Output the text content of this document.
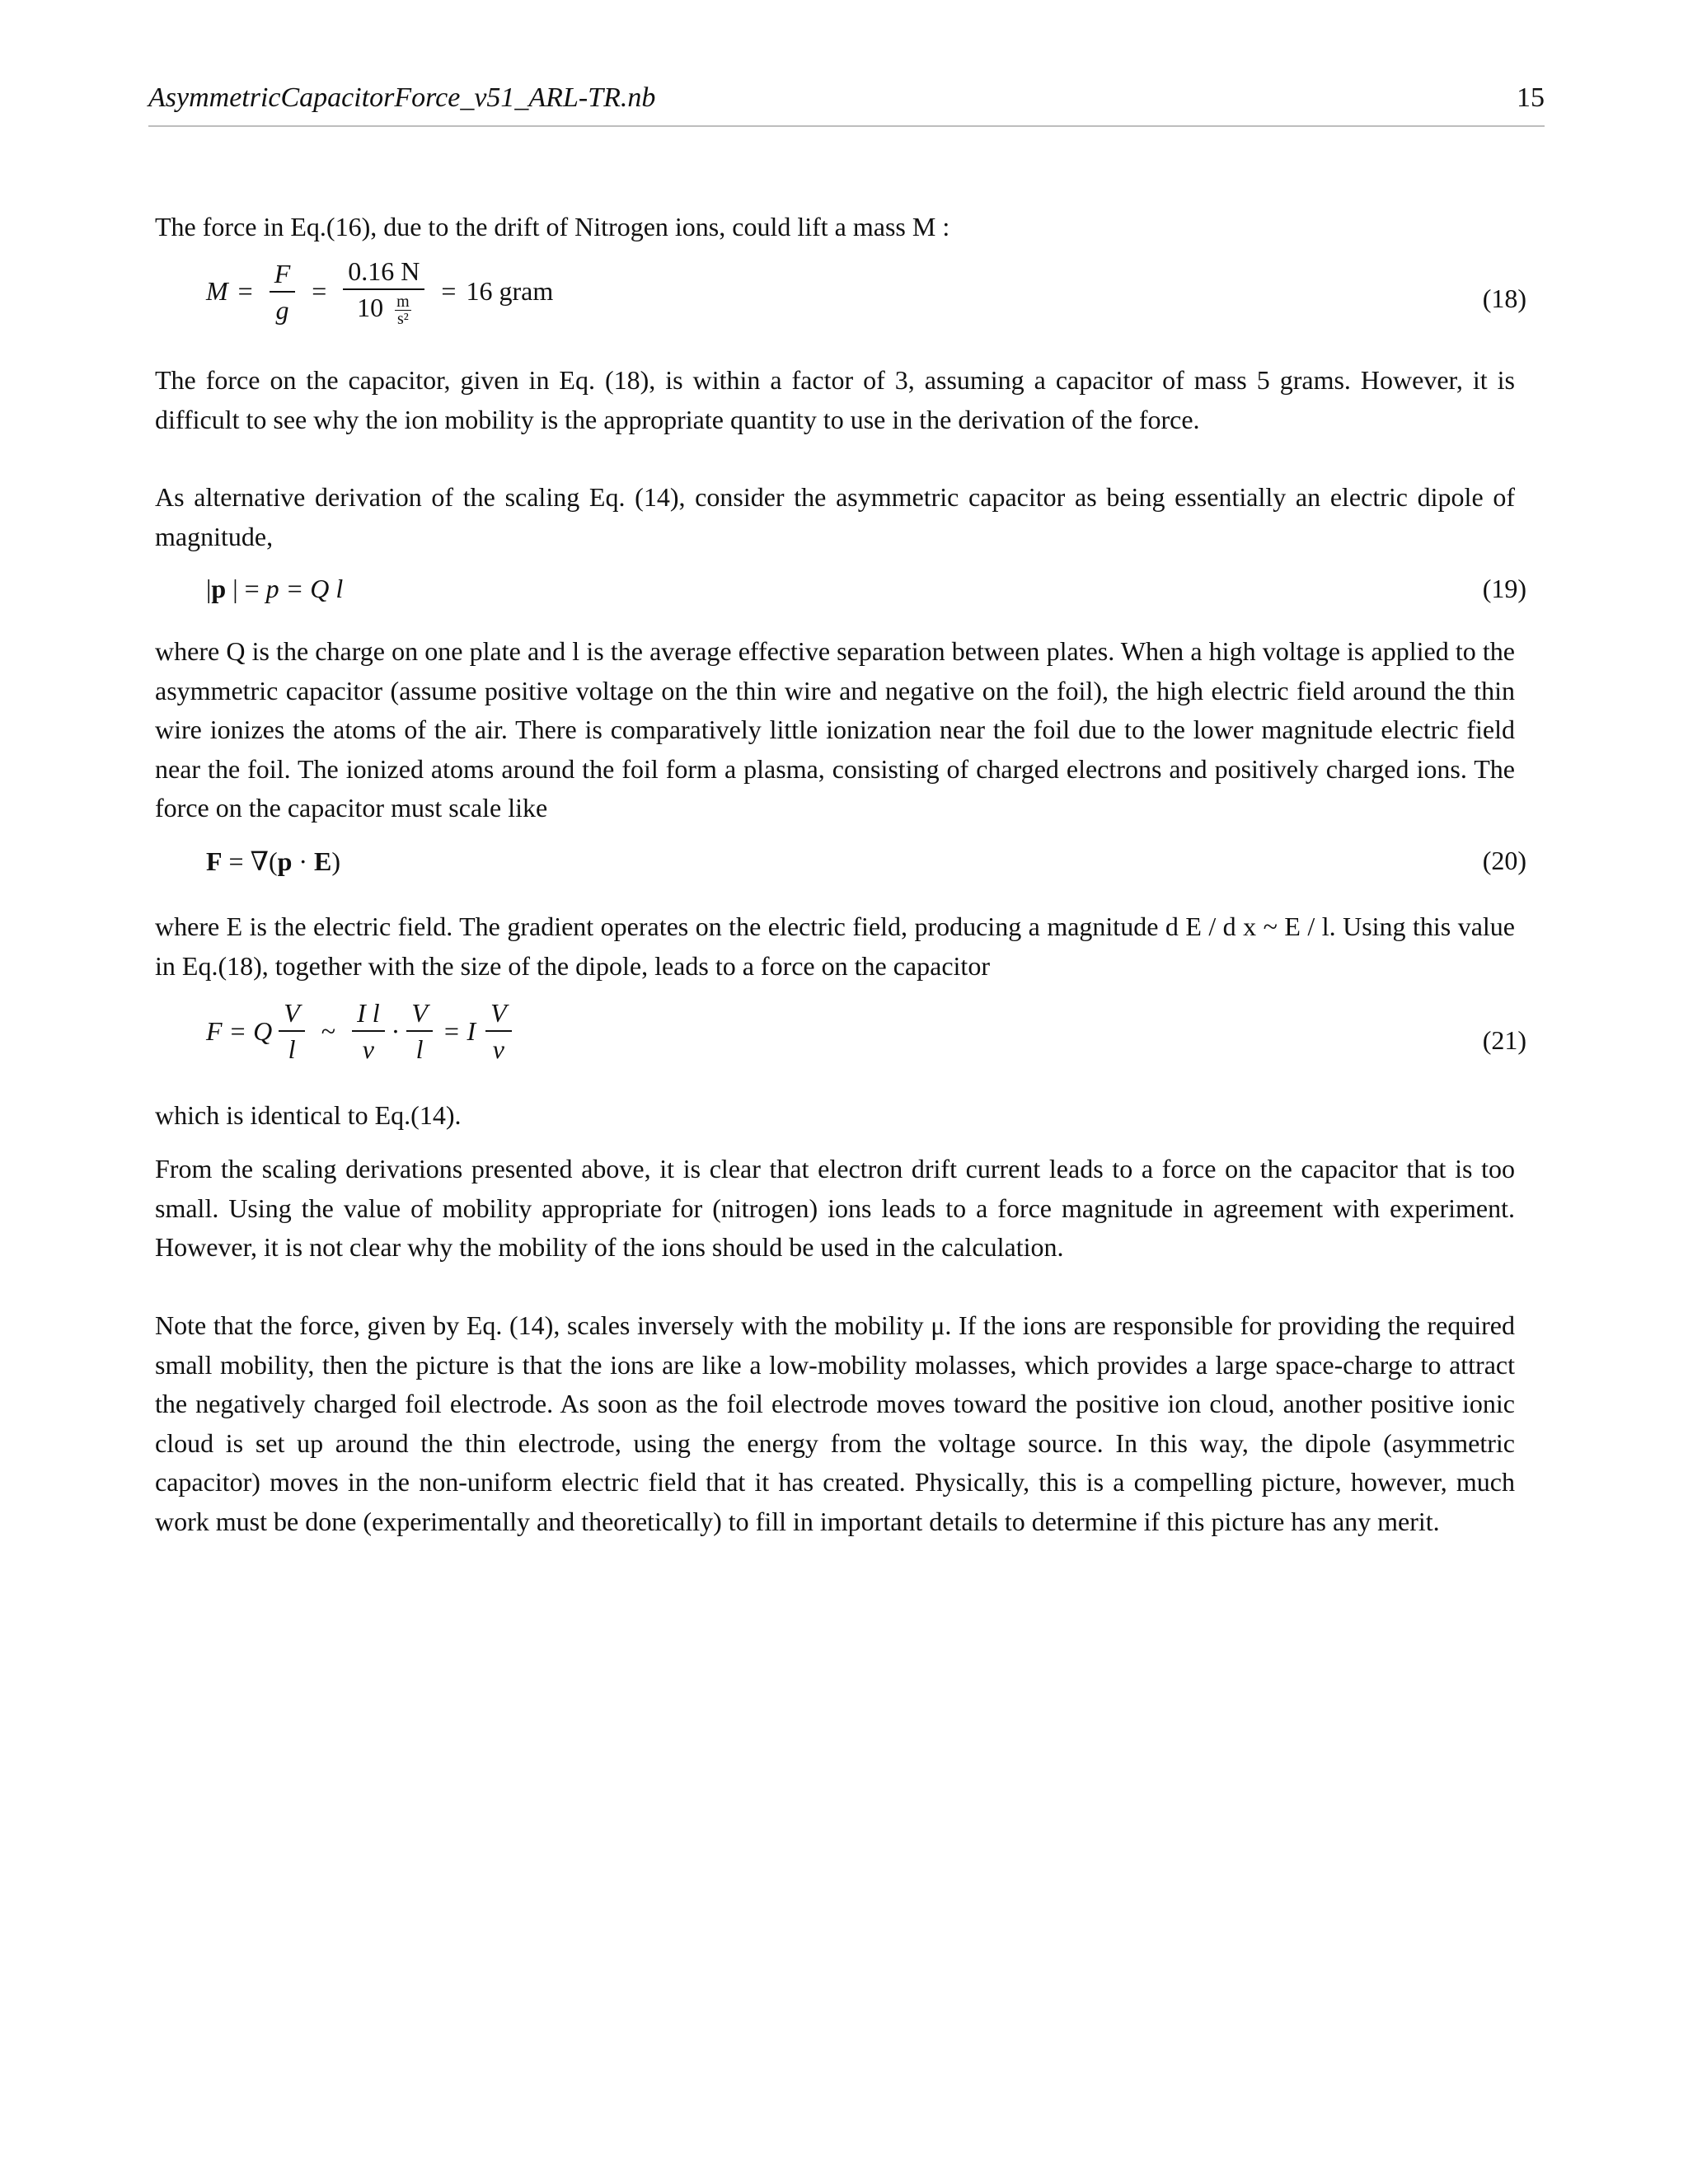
AsymmetricCapacitorForce_v51_ARL-TR.nb	15

The force in Eq.(16), due to the drift of Nitrogen ions, could lift a mass M :

$M = \frac{F}{g} = \frac{0.16 N}{10 \frac{m}{\text{s²}}} = 16$ gram	(18)

The force on the capacitor, given in Eq. (18), is within a factor of 3, assuming a capacitor of mass 5 grams. However, it is difficult to see why the ion mobility is the appropriate quantity to use in the derivation of the force.

As alternative derivation of the scaling Eq. (14), consider the asymmetric capacitor as being essentially an electric dipole of magnitude,

| p | = p = Q l	(19)

where Q is the charge on one plate and l is the average effective separation between plates. When a high voltage is applied to the asymmetric capacitor (assume positive voltage on the thin wire and negative on the foil), the high electric field around the thin wire ionizes the atoms of the air. There is comparatively little ionization near the foil due to the lower magnitude electric field near the foil. The ionized atoms around the foil form a plasma, consisting of charged electrons and positively charged ions. The force on the capacitor must scale like

F = ∇( p · E )	(20)

where E is the electric field. The gradient operates on the electric field, producing a magnitude d E / d x ~ E / l. Using this value in Eq.(18), together with the size of the dipole, leads to a force on the capacitor

F = Q $\frac{V}{l}$ ~ $\frac{\text{I l}}{v} \cdot \frac{V}{l} = I \frac{V}{v}$	(21)

which is identical to Eq.(14).

From the scaling derivations presented above, it is clear that electron drift current leads to a force on the capacitor that is too small. Using the value of mobility appropriate for (nitrogen) ions leads to a force magnitude in agreement with experiment. However, it is not clear why the mobility of the ions should be used in the calculation.

Note that the force, given by Eq. (14), scales inversely with the mobility μ. If the ions are responsible for providing the required small mobility, then the picture is that the ions are like a low-mobility molasses, which provides a large space-charge to attract the negatively charged foil electrode. As soon as the foil electrode moves toward the positive ion cloud, another positive ionic cloud is set up around the thin electrode, using the energy from the voltage source. In this way, the dipole (asymmetric capacitor) moves in the non-uniform electric field that it has created. Physically, this is a compelling picture, however, much work must be done (experimentally and theoretically) to fill in important details to determine if this picture has any merit.
